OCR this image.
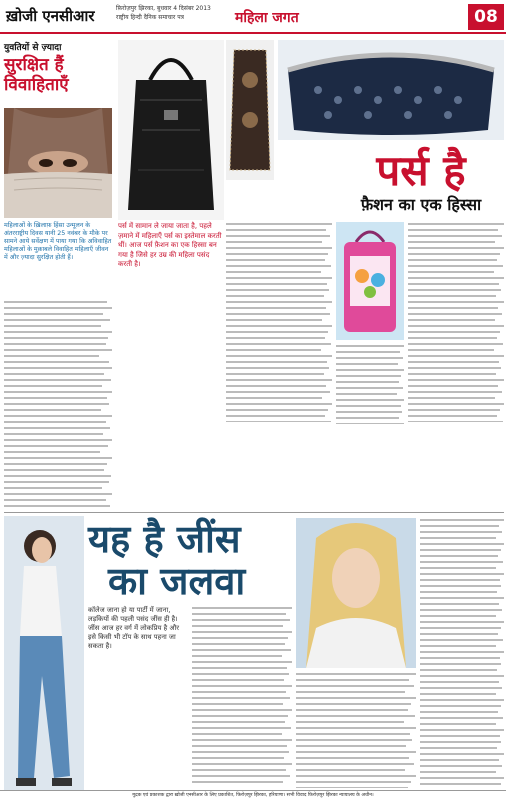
ख़ोजी एनसीआर	फ़िरोज़पुर झिरका, बुधवार 4 दिसंबर 2013
राष्ट्रीय हिन्दी दैनिक समाचार पत्र	महिला जगत	08
युवतियों से ज़्यादा
सुरक्षित हैं
विवाहिताएँ
महिलाओं के ख़िलाफ़ हिंसा उन्मूलन के अंतरराष्ट्रीय दिवस यानी 25 नवंबर के मौके पर सामने आये सर्वेक्षण में पाया गया कि अविवाहित महिलाओं के मुक़ाबले विवाहित महिलाएँ जीवन में और ज़्यादा सुरक्षित होती हैं।
पर्स है
फ़ैशन का एक हिस्सा
पर्स में सामान ले जाया जाता है, पहले ज़माने में महिलाएँ पर्स का इस्तेमाल करती थीं। आज पर्स फ़ैशन का एक हिस्सा बन गया है जिसे हर उम्र की महिला पसंद करती है।
यह है जींस
का जलवा
कॉलेज जाना हो या पार्टी में जाना, लड़कियों की पहली पसंद जींस ही है। जींस आज हर वर्ग में लोकप्रिय है और इसे किसी भी टॉप के साथ पहना जा सकता है।
मुद्रक एवं प्रकाशक द्वारा ख़ोजी एनसीआर के लिए प्रकाशित, फ़िरोज़पुर झिरका, हरियाणा। सभी विवाद फ़िरोज़पुर झिरका न्यायालय के अधीन।
